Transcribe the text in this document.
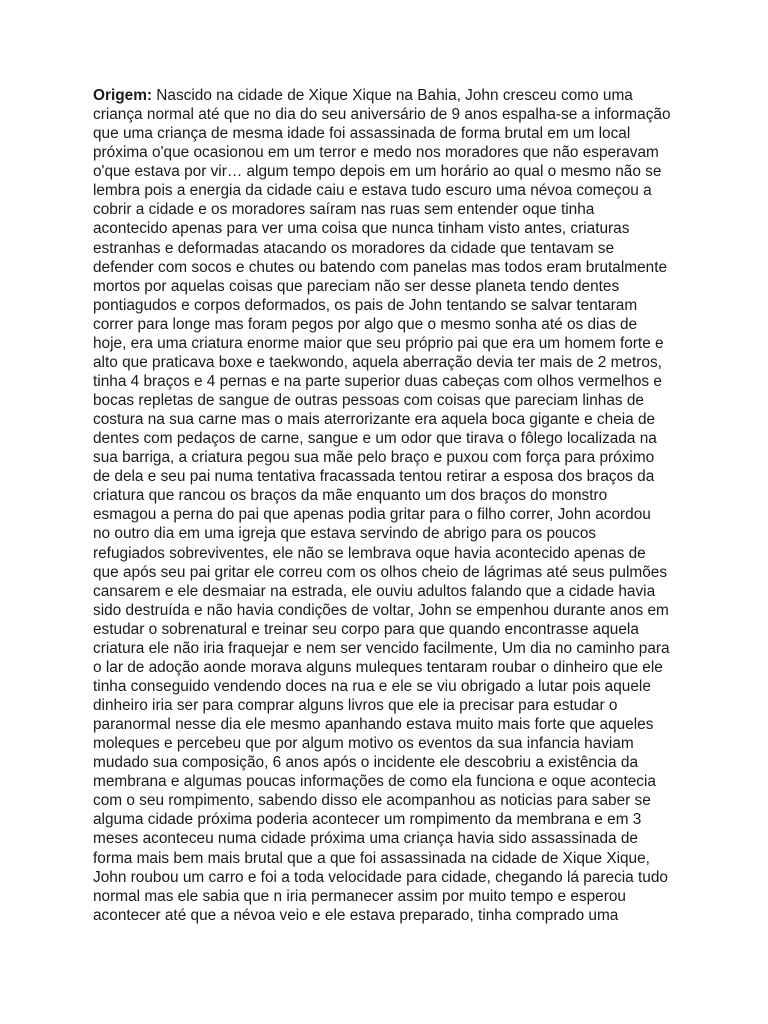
Origem: Nascido na cidade de Xique Xique na Bahia, John cresceu como uma
criança normal até que no dia do seu aniversário de 9 anos espalha-se a informação
que uma criança de mesma idade foi assassinada de forma brutal em um local
próxima o'que ocasionou em um terror e medo nos moradores que não esperavam
o'que estava por vir… algum tempo depois em um horário ao qual o mesmo não se
lembra pois a energia da cidade caiu e estava tudo escuro uma névoa começou a
cobrir a cidade e os moradores saíram nas ruas sem entender oque tinha
acontecido apenas para ver uma coisa que nunca tinham visto antes, criaturas
estranhas e deformadas atacando os moradores da cidade que tentavam se
defender com socos e chutes ou batendo com panelas mas todos eram brutalmente
mortos por aquelas coisas que pareciam não ser desse planeta tendo dentes
pontiagudos e corpos deformados, os pais de John tentando se salvar tentaram
correr para longe mas foram pegos por algo que o mesmo sonha até os dias de
hoje, era uma criatura enorme maior que seu próprio pai que era um homem forte e
alto que praticava boxe e taekwondo, aquela aberração devia ter mais de 2 metros,
tinha 4 braços e 4 pernas e na parte superior duas cabeças com olhos vermelhos e
bocas repletas de sangue de outras pessoas com coisas que pareciam linhas de
costura na sua carne mas o mais aterrorizante era aquela boca gigante e cheia de
dentes com pedaços de carne, sangue e um odor que tirava o fôlego localizada na
sua barriga, a criatura pegou sua mãe pelo braço e puxou com força para próximo
de dela e seu pai numa tentativa fracassada tentou retirar a esposa dos braços da
criatura que rancou os braços da mãe enquanto um dos braços do monstro
esmagou a perna do pai que apenas podia gritar para o filho correr, John acordou
no outro dia em uma igreja que estava servindo de abrigo para os poucos
refugiados sobreviventes, ele não se lembrava oque havia acontecido apenas de
que após seu pai gritar ele correu com os olhos cheio de lágrimas até seus pulmões
cansarem e ele desmaiar na estrada, ele ouviu adultos falando que a cidade havia
sido destruída e não havia condições de voltar, John se empenhou durante anos em
estudar o sobrenatural e treinar seu corpo para que quando encontrasse aquela
criatura ele não iria fraquejar e nem ser vencido facilmente, Um dia no caminho para
o lar de adoção aonde morava alguns muleques tentaram roubar o dinheiro que ele
tinha conseguido vendendo doces na rua e ele se viu obrigado a lutar pois aquele
dinheiro iria ser para comprar alguns livros que ele ia precisar para estudar o
paranormal nesse dia ele mesmo apanhando estava muito mais forte que aqueles
moleques e percebeu que por algum motivo os eventos da sua infancia haviam
mudado sua composição, 6 anos após o incidente ele descobriu a existência da
membrana e algumas poucas informações de como ela funciona e oque acontecia
com o seu rompimento, sabendo disso ele acompanhou as noticias para saber se
alguma cidade próxima poderia acontecer um rompimento da membrana e em 3
meses aconteceu numa cidade próxima uma criança havia sido assassinada de
forma mais bem mais brutal que a que foi assassinada na cidade de Xique Xique,
John roubou um carro e foi a toda velocidade para cidade, chegando lá parecia tudo
normal mas ele sabia que n iria permanecer assim por muito tempo e esperou
acontecer até que a névoa veio e ele estava preparado, tinha comprado uma
